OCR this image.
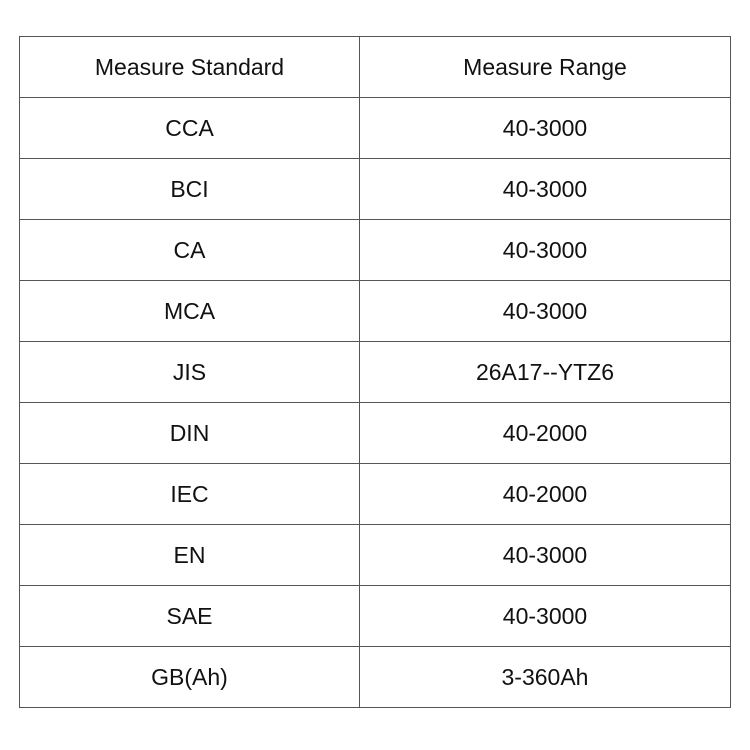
Measure Standard	Measure Range
CCA	40-3000
BCI	40-3000
CA	40-3000
MCA	40-3000
JIS	26A17--YTZ6
DIN	40-2000
IEC	40-2000
EN	40-3000
SAE	40-3000
GB(Ah)	3-360Ah
